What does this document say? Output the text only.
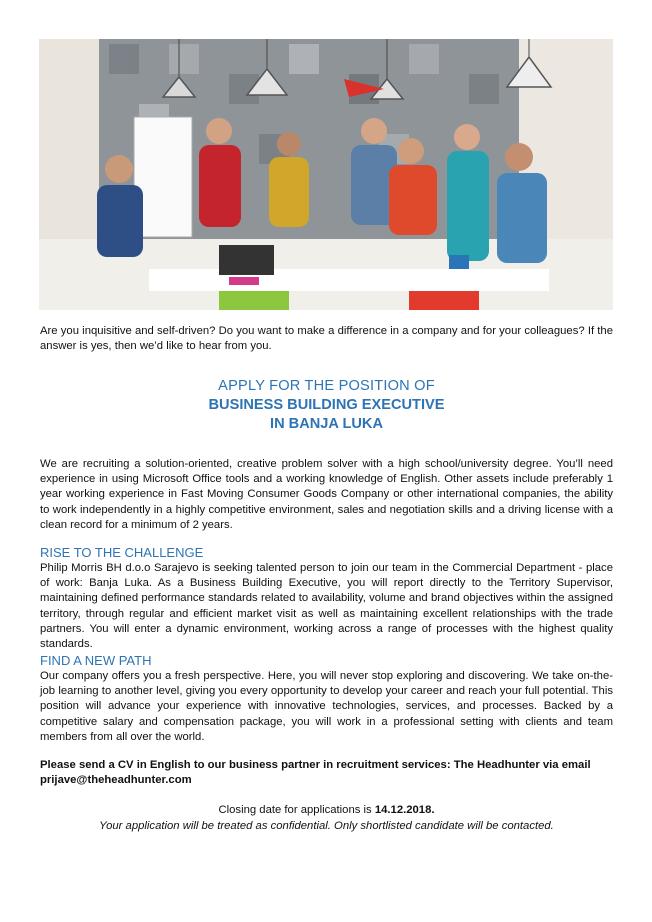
Are you inquisitive and self-driven? Do you want to make a difference in a company and for your colleagues? If the answer is yes, then we’d like to hear from you.
APPLY FOR THE POSITION OF
BUSINESS BUILDING EXECUTIVE
IN BANJA LUKA
We are recruiting a solution-oriented, creative problem solver with a high school/university degree. You’ll need experience in using Microsoft Office tools and a working knowledge of English. Other assets include preferably 1 year working experience in Fast Moving Consumer Goods Company or other international companies, the ability to work independently in a highly competitive environment, sales and negotiation skills and a driving license with a clean record for a minimum of 2 years.
RISE TO THE CHALLENGE
Philip Morris BH d.o.o Sarajevo is seeking talented person to join our team in the Commercial Department - place of work: Banja Luka. As a Business Building Executive, you will report directly to the Territory Supervisor, maintaining defined performance standards related to availability, volume and brand objectives within the assigned territory, through regular and efficient market visit as well as maintaining excellent relationships with the trade partners. You will enter a dynamic environment, working across a range of processes with the highest quality standards.
FIND A NEW PATH
Our company offers you a fresh perspective. Here, you will never stop exploring and discovering. We take on-the-job learning to another level, giving you every opportunity to develop your career and reach your full potential. This position will advance your experience with innovative technologies, services, and processes. Backed by a competitive salary and compensation package, you will work in a professional setting with clients and team members from all over the world.
Please send a CV in English to our business partner in recruitment services: The Headhunter via email
prijave@theheadhunter.com
Closing date for applications is 14.12.2018.
Your application will be treated as confidential. Only shortlisted candidate will be contacted.
